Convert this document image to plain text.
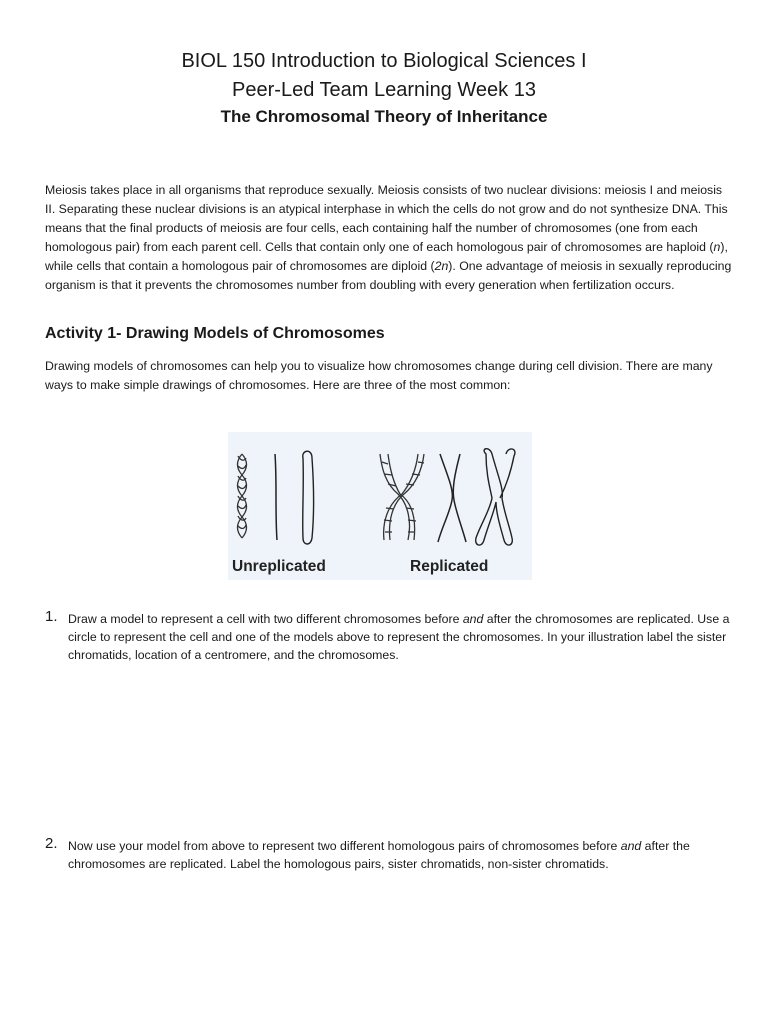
BIOL 150 Introduction to Biological Sciences I
Peer-Led Team Learning Week 13
The Chromosomal Theory of Inheritance
Meiosis takes place in all organisms that reproduce sexually. Meiosis consists of two nuclear divisions: meiosis I and meiosis II. Separating these nuclear divisions is an atypical interphase in which the cells do not grow and do not synthesize DNA. This means that the final products of meiosis are four cells, each containing half the number of chromosomes (one from each homologous pair) from each parent cell. Cells that contain only one of each homologous pair of chromosomes are haploid (n), while cells that contain a homologous pair of chromosomes are diploid (2n). One advantage of meiosis in sexually reproducing organism is that it prevents the chromosomes number from doubling with every generation when fertilization occurs.
Activity 1- Drawing Models of Chromosomes
Drawing models of chromosomes can help you to visualize how chromosomes change during cell division. There are many ways to make simple drawings of chromosomes. Here are three of the most common:
Unreplicated	Replicated
1. Draw a model to represent a cell with two different chromosomes before and after the chromosomes are replicated. Use a circle to represent the cell and one of the models above to represent the chromosomes. In your illustration label the sister chromatids, location of a centromere, and the chromosomes.
2. Now use your model from above to represent two different homologous pairs of chromosomes before and after the chromosomes are replicated. Label the homologous pairs, sister chromatids, non-sister chromatids.
